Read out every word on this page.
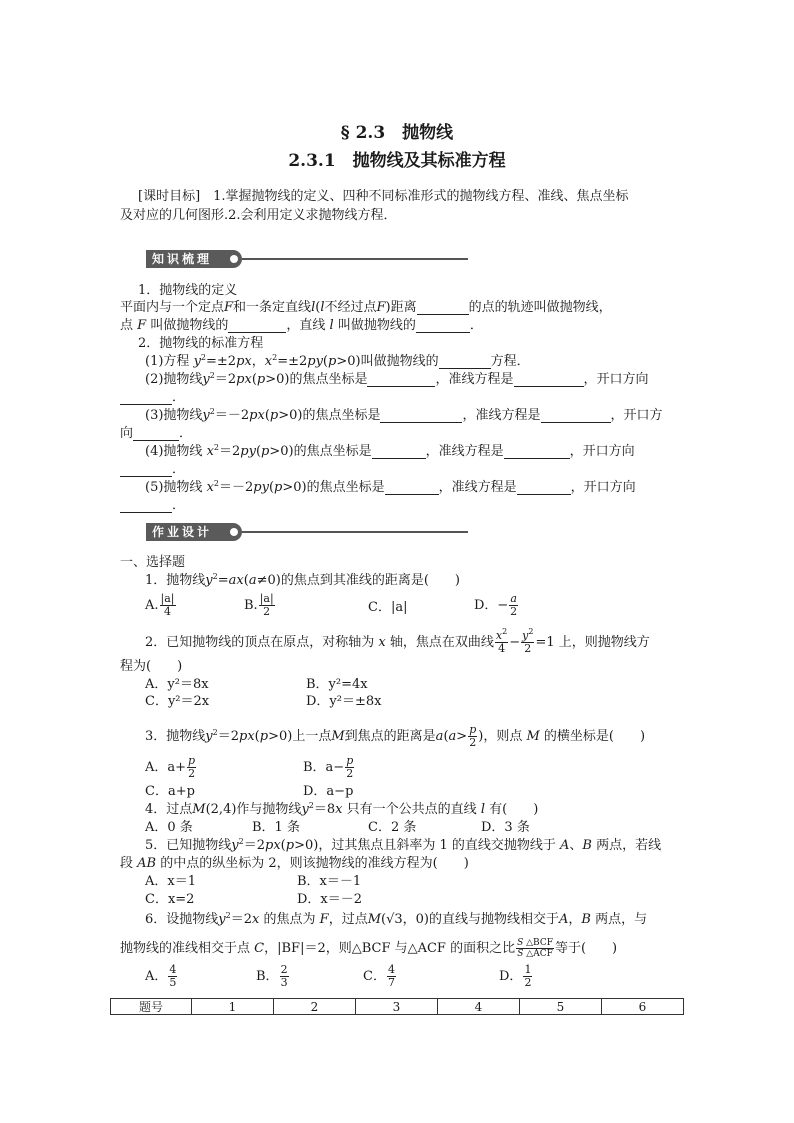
§ 2.3　抛物线
2.3.1　抛物线及其标准方程
[课时目标]　1.掌握抛物线的定义、四种不同标准形式的抛物线方程、准线、焦点坐标
及对应的几何图形.2.会利用定义求抛物线方程．
知识梳理
1．抛物线的定义
平面内与一个定点F和一条定直线l(l不经过点F)距离	的点的轨迹叫做抛物线，
点 F 叫做抛物线的	，直线 l 叫做抛物线的	．
2．抛物线的标准方程
(1)方程 $y^2=\pm 2px$，$x^2=\pm 2py(p>0)$叫做抛物线的	方程．
(2)抛物线$y^2=2px(p>0)$的焦点坐标是	，准线方程是	，开口方向
．
(3)抛物线$y^2=-2px(p>0)$的焦点坐标是	，准线方程是	，开口方
向	．
(4)抛物线 $x^2=2py(p>0)$的焦点坐标是	，准线方程是	，开口方向
．
(5)抛物线 $x^2=-2py(p>0)$的焦点坐标是	，准线方程是	，开口方向
．
作业设计
一、选择题
1．抛物线$y^2=ax(a\ne 0)$的焦点到其准线的距离是(　　)
A. $\frac{|a|}{4}$	B. $\frac{|a|}{2}$	C．|a|	D．− $\frac{a}{2}$
2．已知抛物线的顶点在原点，对称轴为 x 轴，焦点在双曲线 $\frac{x^2}{4} - \frac{y^2}{2} =1$ 上，则抛物线方
程为(　　)
A．y²＝8x	B．y²=4x
C．y²＝2x	D．y²＝±8x
3．抛物线$y^2=2px(p>0)$上一点M到焦点的距离是$a(a> \frac{p}{2}$ )，则点 M 的横坐标是(　　)
A．$a+ \frac{p}{2}$	B．$a- \frac{p}{2}$
C．a+p	D．a−p
4．过点M(2,4)作与抛物线$y^2=8x$ 只有一个公共点的直线 l 有(　　)
A．0 条	B．1 条	C．2 条	D．3 条
5．已知抛物线$y^2=2px(p>0)$，过其焦点且斜率为 1 的直线交抛物线于 A、B 两点，若线
段 AB 的中点的纵坐标为 2，则该抛物线的准线方程为(　　)
A．x＝1	B．x＝－1
C．x=2	D．x＝－2
6．设抛物线$y^2=2x$ 的焦点为 F，过点M(√3，0)的直线与抛物线相交于A，B 两点，与
抛物线的准线相交于点 C，|BF|＝2，则△BCF 与△ACF 的面积之比 $\frac{\text{S △BCF}}{\text{S △ACF}}$ 等于(　　)
A． $\frac{4}{5}$	B． $\frac{2}{3}$	C． $\frac{4}{7}$	D． $\frac{1}{2}$
题号	1	2	3	4	5	6
